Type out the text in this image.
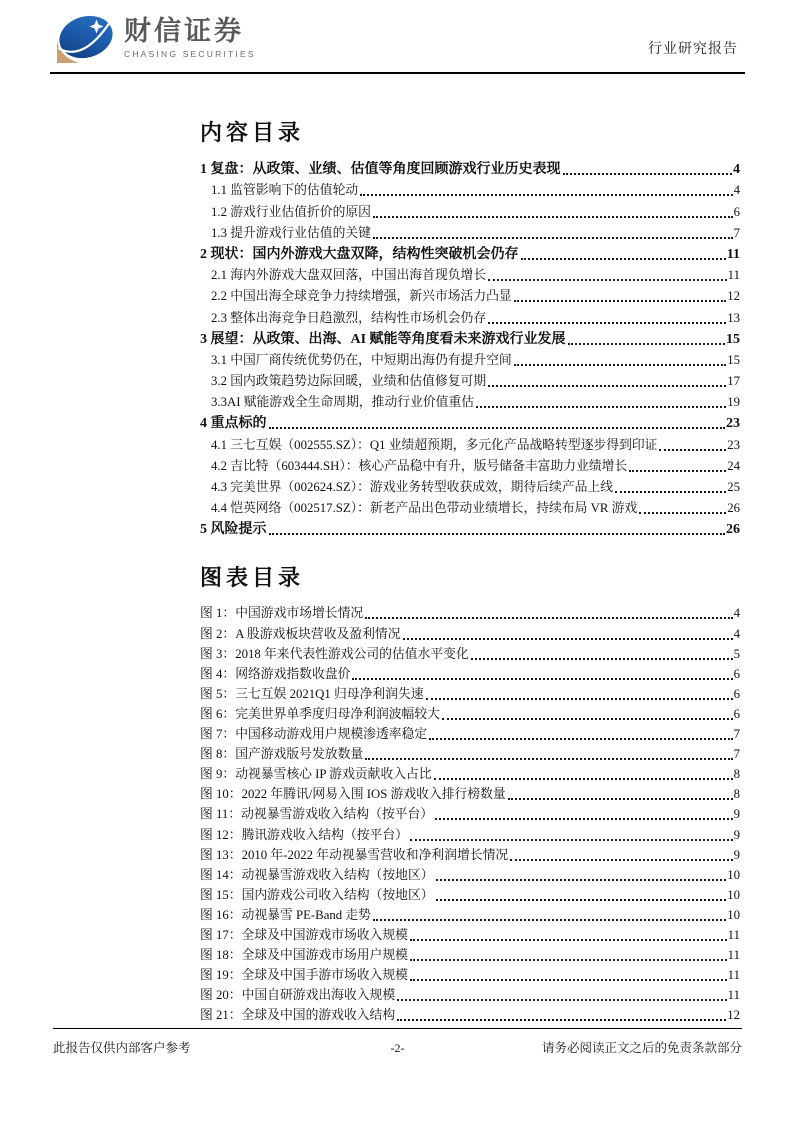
财信证券
CHASING SECURITIES	行业研究报告
内容目录
1 复盘：从政策、业绩、估值等角度回顾游戏行业历史表现	4
1.1 监管影响下的估值轮动	4
1.2 游戏行业估值折价的原因	6
1.3 提升游戏行业估值的关键	7
2 现状：国内外游戏大盘双降，结构性突破机会仍存	11
2.1 海内外游戏大盘双回落，中国出海首现负增长	11
2.2 中国出海全球竞争力持续增强，新兴市场活力凸显	12
2.3 整体出海竞争日趋激烈，结构性市场机会仍存	13
3 展望：从政策、出海、AI 赋能等角度看未来游戏行业发展	15
3.1 中国厂商传统优势仍在，中短期出海仍有提升空间	15
3.2 国内政策趋势边际回暖，业绩和估值修复可期	17
3.3AI 赋能游戏全生命周期，推动行业价值重估	19
4 重点标的	23
4.1 三七互娱（002555.SZ）：Q1 业绩超预期，多元化产品战略转型逐步得到印证	23
4.2 吉比特（603444.SH）：核心产品稳中有升，版号储备丰富助力业绩增长	24
4.3 完美世界（002624.SZ）：游戏业务转型收获成效，期待后续产品上线	25
4.4 恺英网络（002517.SZ）：新老产品出色带动业绩增长，持续布局 VR 游戏	26
5 风险提示	26
图表目录
图 1：中国游戏市场增长情况	4
图 2：A 股游戏板块营收及盈利情况	4
图 3：2018 年来代表性游戏公司的估值水平变化	5
图 4：网络游戏指数收盘价	6
图 5：三七互娱 2021Q1 归母净利润失速	6
图 6：完美世界单季度归母净利润波幅较大	6
图 7：中国移动游戏用户规模渗透率稳定	7
图 8：国产游戏版号发放数量	7
图 9：动视暴雪核心 IP 游戏贡献收入占比	8
图 10：2022 年腾讯/网易入围 IOS 游戏收入排行榜数量	8
图 11：动视暴雪游戏收入结构（按平台）	9
图 12：腾讯游戏收入结构（按平台）	9
图 13：2010 年-2022 年动视暴雪营收和净利润增长情况	9
图 14：动视暴雪游戏收入结构（按地区）	10
图 15：国内游戏公司收入结构（按地区）	10
图 16：动视暴雪 PE-Band 走势	10
图 17：全球及中国游戏市场收入规模	11
图 18：全球及中国游戏市场用户规模	11
图 19：全球及中国手游市场收入规模	11
图 20：中国自研游戏出海收入规模	11
图 21：全球及中国的游戏收入结构	12
此报告仅供内部客户参考	-2-	请务必阅读正文之后的免责条款部分
